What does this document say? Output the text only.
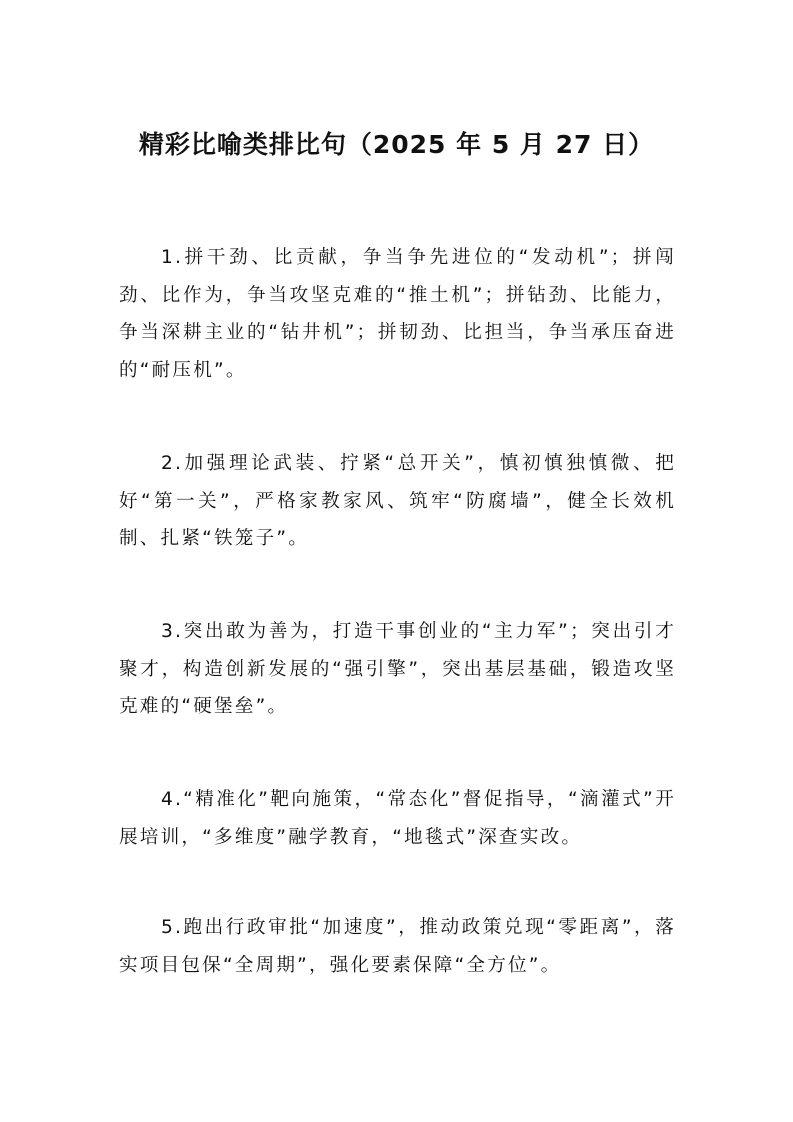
精彩比喻类排比句（2025 年 5 月 27 日）

1.拼干劲、比贡献，争当争先进位的“发动机”；拼闯劲、比作为，争当攻坚克难的“推土机”；拼钻劲、比能力，争当深耕主业的“钻井机”；拼韧劲、比担当，争当承压奋进的“耐压机”。

2.加强理论武装、拧紧“总开关”，慎初慎独慎微、把好“第一关”，严格家教家风、筑牢“防腐墙”，健全长效机制、扎紧“铁笼子”。

3.突出敢为善为，打造干事创业的“主力军”；突出引才聚才，构造创新发展的“强引擎”，突出基层基础，锻造攻坚克难的“硬堡垒”。

4.“精准化”靶向施策，“常态化”督促指导，“滴灌式”开展培训，“多维度”融学教育，“地毯式”深查实改。

5.跑出行政审批“加速度”，推动政策兑现“零距离”，落实项目包保“全周期”，强化要素保障“全方位”。
